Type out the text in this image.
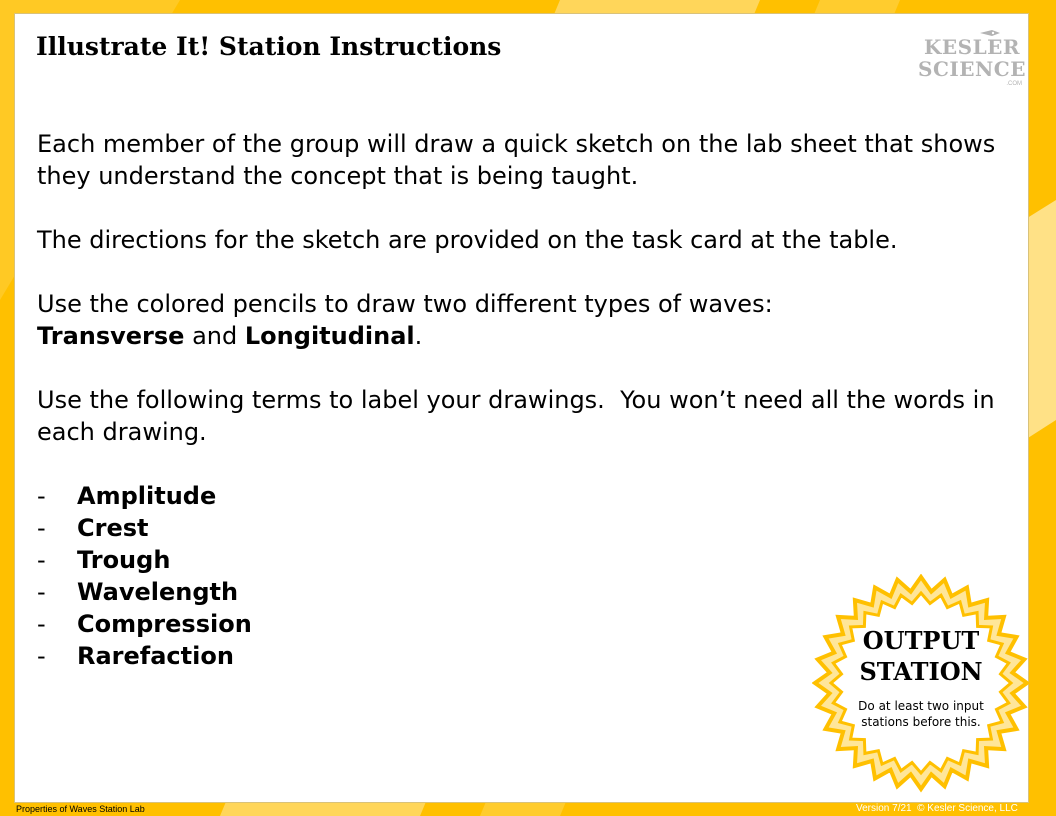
Illustrate It! Station Instructions	KESLER
SCIENCE
.COM

Each member of the group will draw a quick sketch on the lab sheet that shows they understand the concept that is being taught.

The directions for the sketch are provided on the task card at the table.

Use the colored pencils to draw two different types of waves:
Transverse and Longitudinal.

Use the following terms to label your drawings.  You won’t need all the words in each drawing.

- Amplitude
- Crest
- Trough
- Wavelength
- Compression
- Rarefaction
OUTPUT
STATION
Do at least two input stations before this.
Properties of Waves Station Lab	Version 7/21  © Kesler Science, LLC
